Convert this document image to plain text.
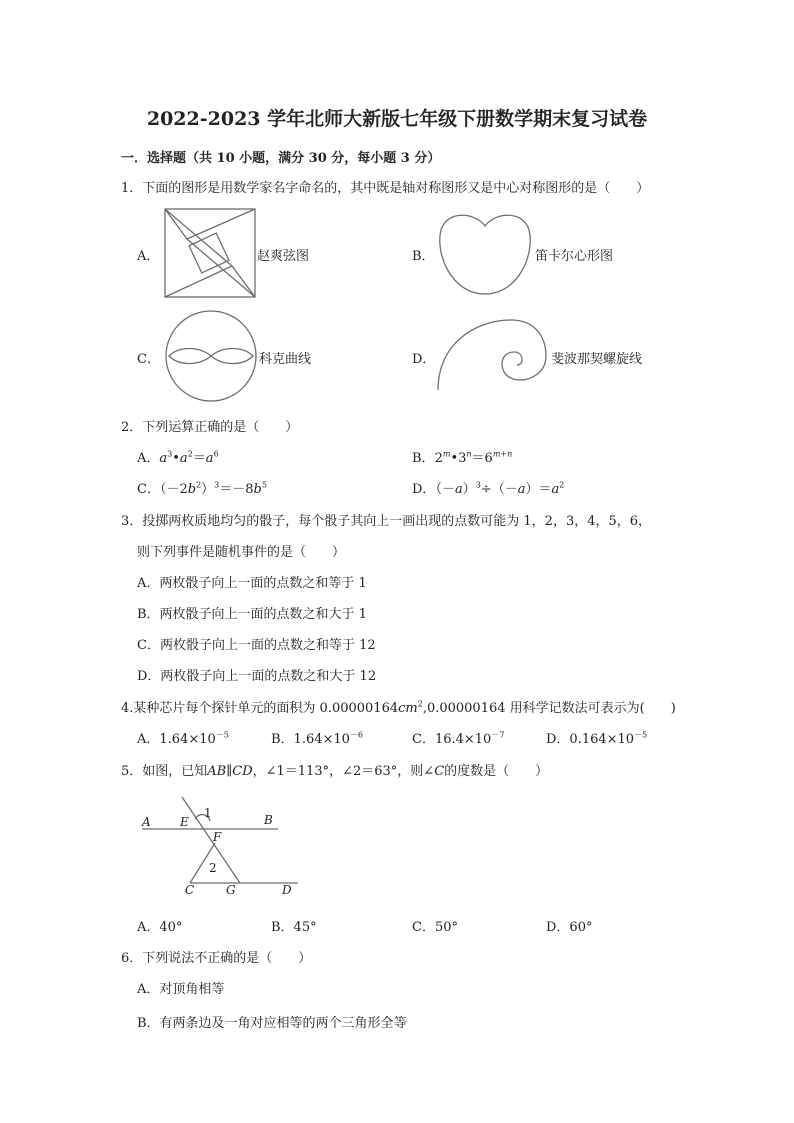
2022-2023 学年北师大新版七年级下册数学期末复习试卷
一．选择题（共 10 小题，满分 30 分，每小题 3 分）
1．下面的图形是用数学家名字命名的，其中既是轴对称图形又是中心对称图形的是（　　）
A．	赵爽弦图	B．	笛卡尔心形图
C．	科克曲线	D．	斐波那契螺旋线
2．下列运算正确的是（　　）
A．$a^3•a^2=a^6$	B．$2^m•3^n=6^{m+n}$
C．$(-2b^2)^3=-8b^5$	D．$(-a)^3\div(-a)=a^2$
3．投掷两枚质地均匀的骰子，每个骰子其向上一画出现的点数可能为 1，2，3，4，5，6，
则下列事件是随机事件的是（　　）
A．两枚骰子向上一面的点数之和等于 1
B．两枚骰子向上一面的点数之和大于 1
C．两枚骰子向上一面的点数之和等于 12
D．两枚骰子向上一面的点数之和大于 12
4.某种芯片每个探针单元的面积为 $0.00000164cm^2,0.00000164$ 用科学记数法可表示为(　　)
A．$1.64\times 10^{-5}$	B．$1.64\times 10^{-6}$	C．$16.4\times 10^{-7}$	D．$0.164\times 10^{-5}$
5．如图，已知AB∥CD，∠1＝113°，∠2＝63°，则∠C的度数是（　　）
A E
1	B
F
2
C	G	D
A．40°	B．45°	C．50°	D．60°
6．下列说法不正确的是（　　）
A．对顶角相等
B．有两条边及一角对应相等的两个三角形全等
